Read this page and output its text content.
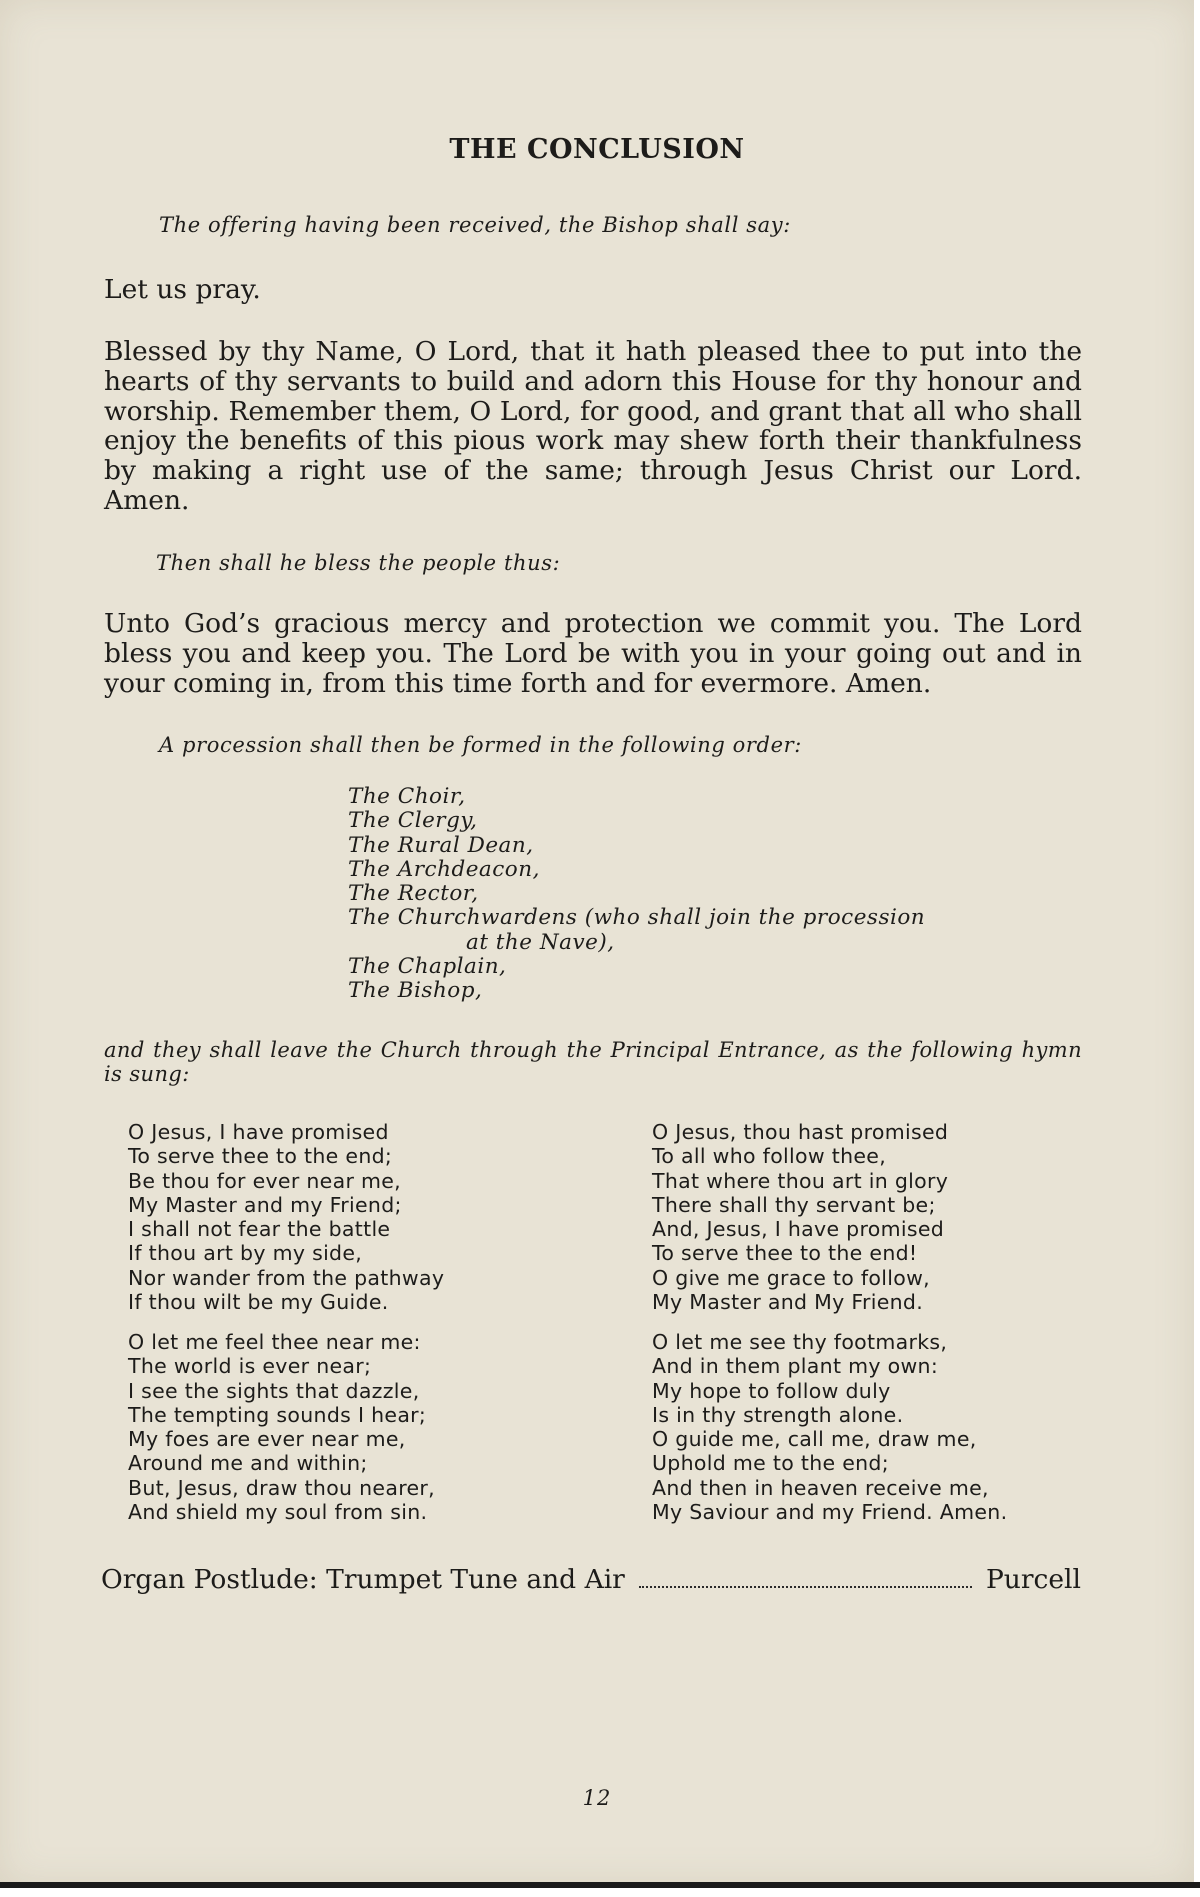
THE CONCLUSION

The offering having been received, the Bishop shall say:

Let us pray.

Blessed by thy Name, O Lord, that it hath pleased thee to put into the hearts of thy servants to build and adorn this House for thy honour and worship. Remember them, O Lord, for good, and grant that all who shall enjoy the benefits of this pious work may shew forth their thankfulness by making a right use of the same; through Jesus Christ our Lord. Amen.

Then shall he bless the people thus:

Unto God’s gracious mercy and protection we commit you. The Lord bless you and keep you. The Lord be with you in your going out and in your coming in, from this time forth and for evermore. Amen.

A procession shall then be formed in the following order:

The Choir,
The Clergy,
The Rural Dean,
The Archdeacon,
The Rector,
The Churchwardens (who shall join the procession
at the Nave),
The Chaplain,
The Bishop,

and they shall leave the Church through the Principal Entrance, as the following hymn is sung:

O Jesus, I have promised
To serve thee to the end;
Be thou for ever near me,
My Master and my Friend;
I shall not fear the battle
If thou art by my side,
Nor wander from the pathway
If thou wilt be my Guide.
O Jesus, thou hast promised
To all who follow thee,
That where thou art in glory
There shall thy servant be;
And, Jesus, I have promised
To serve thee to the end!
O give me grace to follow,
My Master and My Friend.
O let me feel thee near me:
The world is ever near;
I see the sights that dazzle,
The tempting sounds I hear;
My foes are ever near me,
Around me and within;
But, Jesus, draw thou nearer,
And shield my soul from sin.
O let me see thy footmarks,
And in them plant my own:
My hope to follow duly
Is in thy strength alone.
O guide me, call me, draw me,
Uphold me to the end;
And then in heaven receive me,
My Saviour and my Friend. Amen.
Organ Postlude: Trumpet Tune and Air	Purcell
12
